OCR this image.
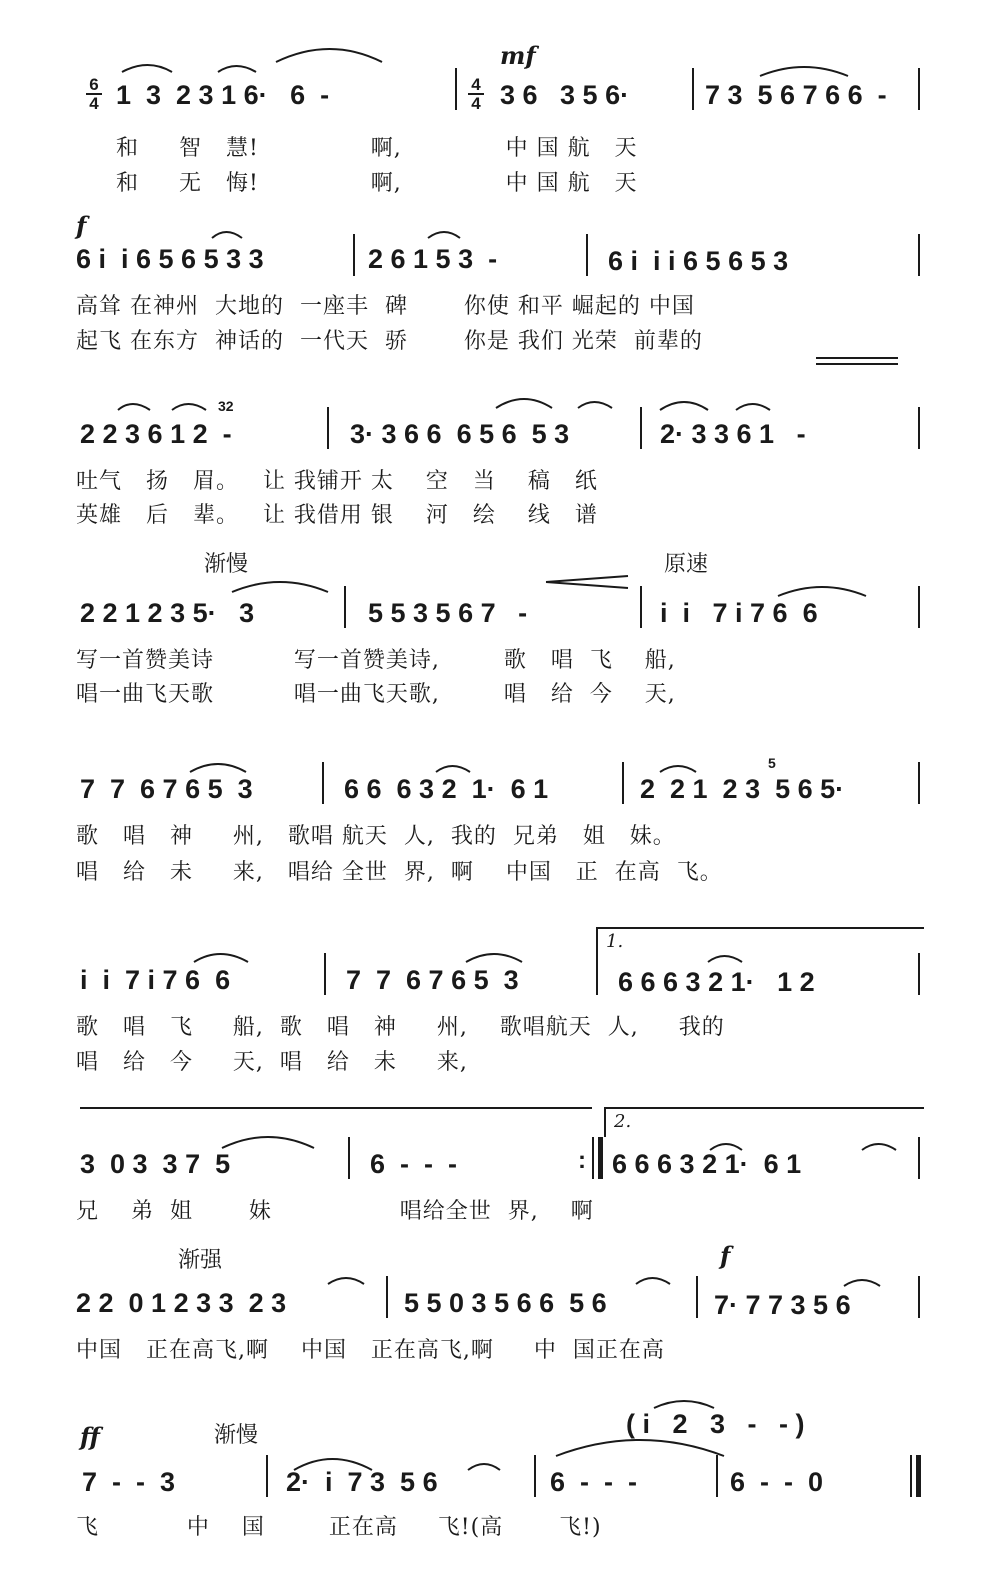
6
4 1  3  2 3 1 6·   6  -
mf
4
4 3 6   3 5 6·	7 3  5 6 7 6 6  -
和     智   慧!              啊,             中 国 航   天
和     无   悔!              啊,             中 国 航   天
f
6 i  i 6 5 6 5 3 3	2 6 1 5 3  -	6 i  i i 6 5 6 5 3
高耸 在神州  大地的  一座丰  碑       你使 和平 崛起的 中国
起飞 在东方  神话的  一代天  骄       你是 我们 光荣  前辈的
2 2 3 6 1 2  -
32
3· 3 6 6  6 5 6  5 3	2· 3 3 6 1   -
吐气   扬   眉。   让 我铺开 太    空   当    稿   纸
英雄   后   辈。   让 我借用 银    河   绘    线   谱
渐慢	原速
2 2 1 2 3 5·   3	5 5 3 5 6 7   -	i  i   7 i 7 6  6
写一首赞美诗          写一首赞美诗,        歌   唱  飞    船,
唱一曲飞天歌          唱一曲飞天歌,        唱   给  今    天,
7  7  6 7 6 5  3	6 6  6 3 2  1·  6 1	2  2 1  2 3  5 6 5·
5
歌   唱   神     州,   歌唱 航天  人,  我的  兄弟   姐   妹。
唱   给   未     来,   唱给 全世  界,  啊    中国   正  在高  飞。
1.
i  i  7 i 7 6  6	7  7  6 7 6 5  3	6 6 6 3 2 1·   1 2
歌   唱   飞     船,  歌   唱   神     州,    歌唱航天  人,     我的
唱   给   今     天,  唱   给   未     来,
2.
3  0 3  3 7  5	6  -  -  -	: 6 6 6 3 2 1·  6 1
兄    弟  姐       妹                唱给全世  界,    啊
渐强	f
2 2  0 1 2 3 3  2 3	5 5 0 3 5 6 6  5 6	7· 7 7 3 5 6
中国   正在高飞,啊    中国   正在高飞,啊     中  国正在高
ff	渐慢	( i   2   3   -   - )
7  -  -  3	2·  i  7 3  5 6	6  -  -  -	6  -  -  0
飞           中    国        正在高     飞!(高       飞!)
